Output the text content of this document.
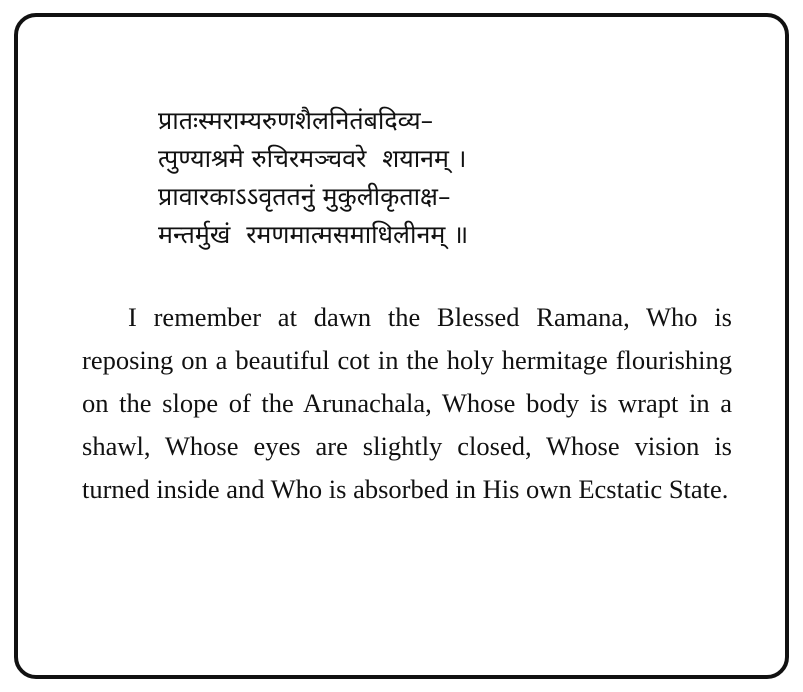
प्रातःस्मराम्यरुणशैलनितंबदिव्य–
त्पुण्याश्रमे रुचिरमञ्चवरे  शयानम् ।
प्रावारकाऽऽवृततनुं मुकुलीकृताक्ष–
मन्तर्मुखं  रमणमात्मसमाधिलीनम् ॥
I remember at dawn the Blessed Ramana, Who is reposing on a beautiful cot in the holy hermitage flourishing on the slope of the Arunachala, Whose body is wrapt in a shawl, Whose eyes are slightly closed, Whose vision is turned inside and Who is absorbed in His own Ecstatic State.
